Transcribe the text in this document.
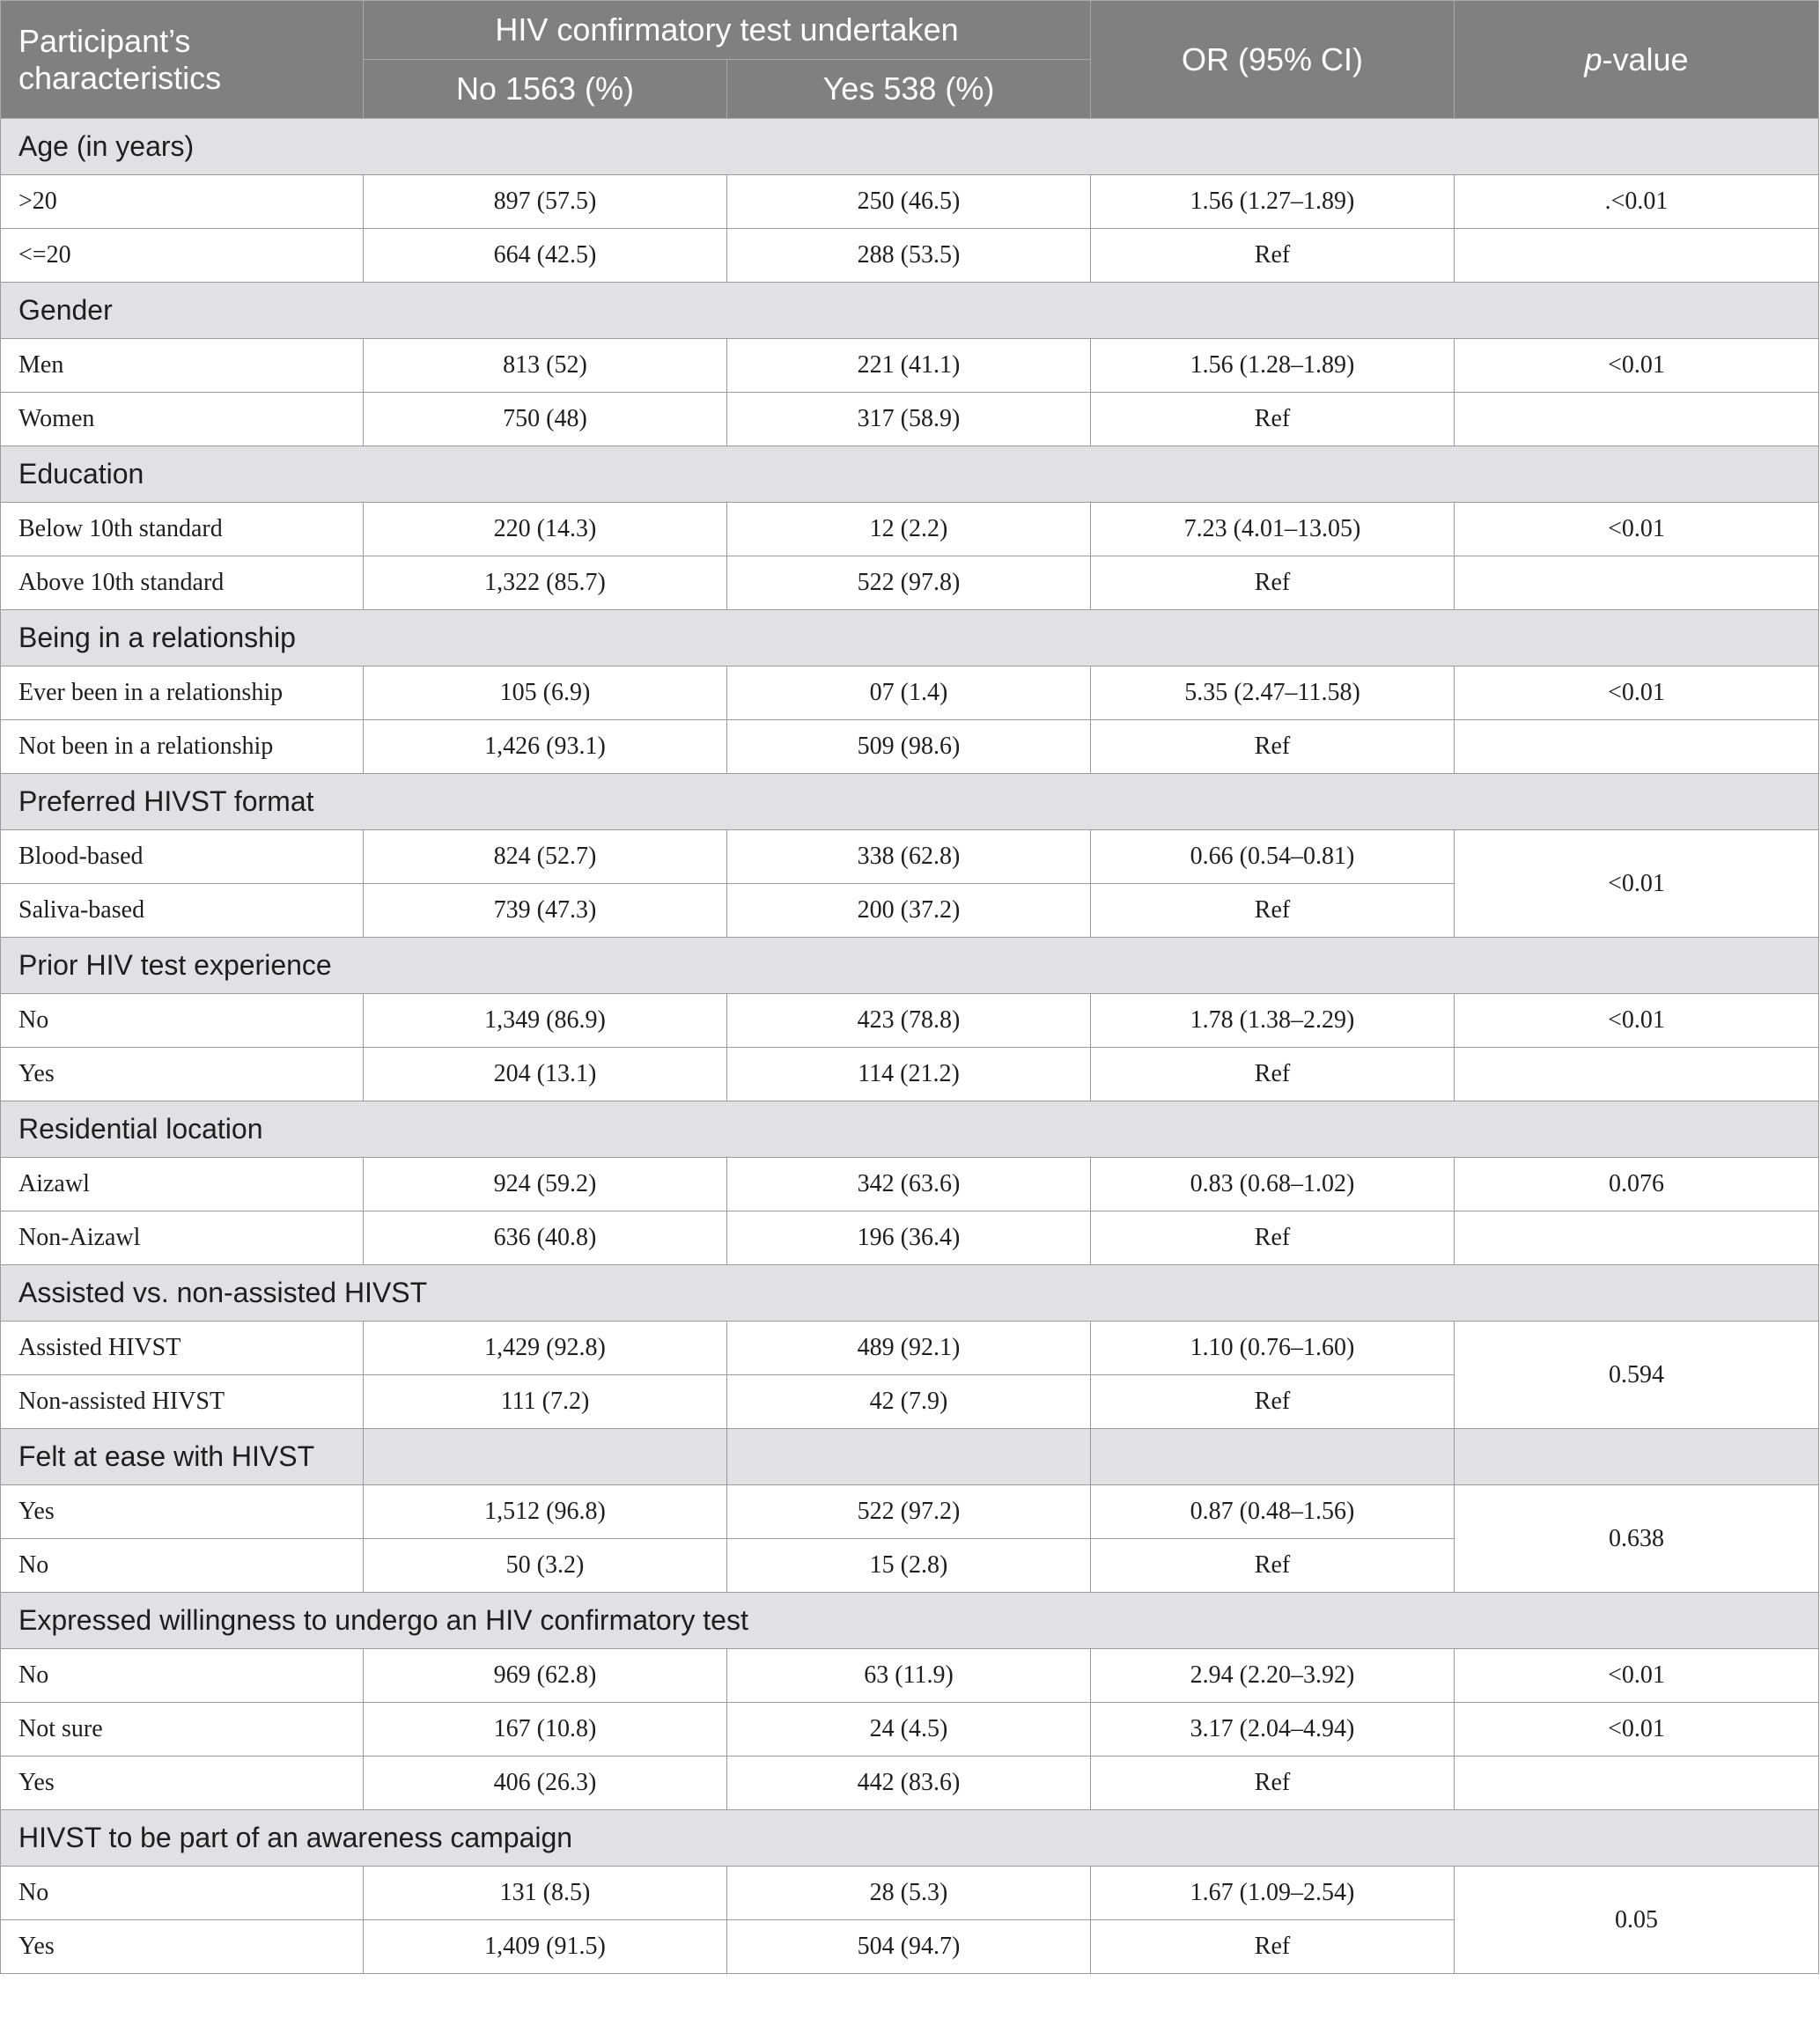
Participant’s characteristics	HIV confirmatory test undertaken		OR (95% CI)	p-value
	No 1563 (%)	Yes 538 (%)		
Age (in years)				
>20	897 (57.5)	250 (46.5)	1.56 (1.27–1.89)	.<0.01
<=20	664 (42.5)	288 (53.5)	Ref	
Gender				
Men	813 (52)	221 (41.1)	1.56 (1.28–1.89)	<0.01
Women	750 (48)	317 (58.9)	Ref	
Education				
Below 10th standard	220 (14.3)	12 (2.2)	7.23 (4.01–13.05)	<0.01
Above 10th standard	1,322 (85.7)	522 (97.8)	Ref	
Being in a relationship				
Ever been in a relationship	105 (6.9)	07 (1.4)	5.35 (2.47–11.58)	<0.01
Not been in a relationship	1,426 (93.1)	509 (98.6)	Ref	
Preferred HIVST format				
Blood-based	824 (52.7)	338 (62.8)	0.66 (0.54–0.81)	<0.01
Saliva-based	739 (47.3)	200 (37.2)	Ref	
Prior HIV test experience				
No	1,349 (86.9)	423 (78.8)	1.78 (1.38–2.29)	<0.01
Yes	204 (13.1)	114 (21.2)	Ref	
Residential location				
Aizawl	924 (59.2)	342 (63.6)	0.83 (0.68–1.02)	0.076
Non-Aizawl	636 (40.8)	196 (36.4)	Ref	
Assisted vs. non-assisted HIVST				
Assisted HIVST	1,429 (92.8)	489 (92.1)	1.10 (0.76–1.60)	0.594
Non-assisted HIVST	111 (7.2)	42 (7.9)	Ref	
Felt at ease with HIVST				
Yes	1,512 (96.8)	522 (97.2)	0.87 (0.48–1.56)	0.638
No	50 (3.2)	15 (2.8)	Ref	
Expressed willingness to undergo an HIV confirmatory test				
No	969 (62.8)	63 (11.9)	2.94 (2.20–3.92)	<0.01
Not sure	167 (10.8)	24 (4.5)	3.17 (2.04–4.94)	<0.01
Yes	406 (26.3)	442 (83.6)	Ref	
HIVST to be part of an awareness campaign				
No	131 (8.5)	28 (5.3)	1.67 (1.09–2.54)	0.05
Yes	1,409 (91.5)	504 (94.7)	Ref	
